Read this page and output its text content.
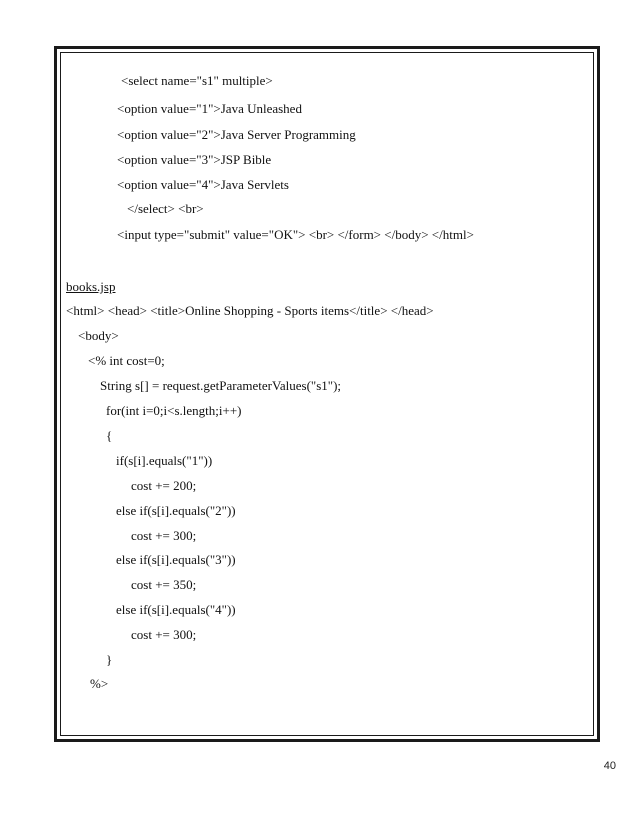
<select name="s1" multiple>
<option value="1">Java Unleashed
<option value="2">Java Server Programming
<option value="3">JSP Bible
<option value="4">Java Servlets
</select> <br>
<input type="submit" value="OK"> <br> </form> </body> </html>
books.jsp
<html> <head> <title>Online Shopping - Sports items</title> </head>
<body>
<% int cost=0;
String s[] = request.getParameterValues("s1");
for(int i=0;i<s.length;i++)
{
if(s[i].equals("1"))
cost += 200;
else if(s[i].equals("2"))
cost += 300;
else if(s[i].equals("3"))
cost += 350;
else if(s[i].equals("4"))
cost += 300;
}
%>
40
